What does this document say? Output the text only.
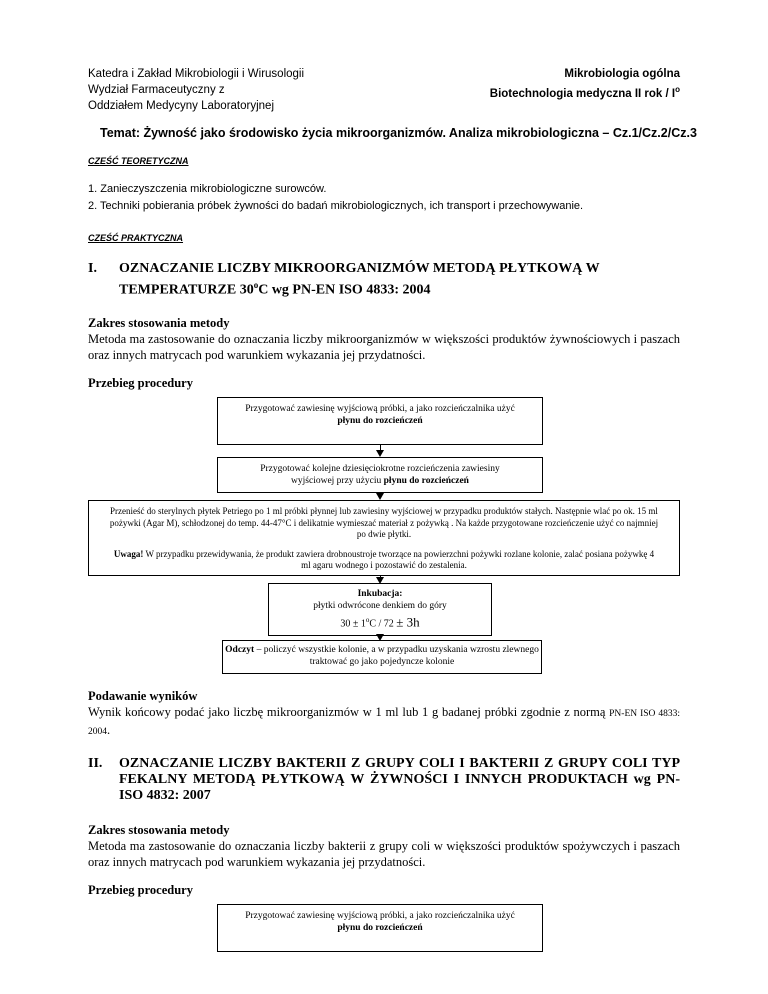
Katedra i Zakład Mikrobiologii i Wirusologii
Wydział Farmaceutyczny z
Oddziałem Medycyny Laboratoryjnej
Mikrobiologia ogólna
Biotechnologia medyczna II rok / $I^o$
Temat: Żywność jako środowisko życia mikroorganizmów. Analiza mikrobiologiczna – Cz.1/Cz.2/Cz.3
CZEŚĆ TEORETYCZNA
1. Zanieczyszczenia mikrobiologiczne surowców.
2. Techniki pobierania próbek żywności do badań mikrobiologicznych, ich transport i przechowywanie.
CZEŚĆ PRAKTYCZNA
I. OZNACZANIE LICZBY MIKROORGANIZMÓW METODĄ PŁYTKOWĄ W
TEMPERATURZE 30$^o$C wg PN-EN ISO 4833: 2004
Zakres stosowania metody
Metoda ma zastosowanie do oznaczania liczby mikroorganizmów w większości produktów żywnościowych i paszach oraz innych matrycach pod warunkiem wykazania jej przydatności.
Przebieg procedury
Przygotować zawiesinę wyjściową próbki, a jako rozcieńczalnika użyć
płynu do rozcieńczeń
Przygotować kolejne dziesięciokrotne rozcieńczenia zawiesiny
wyjściowej przy użyciu płynu do rozcieńczeń
Przenieść do sterylnych płytek Petriego po 1 ml próbki płynnej lub zawiesiny wyjściowej w przypadku produktów stałych. Następnie wlać po ok. 15 ml pożywki (Agar M), schłodzonej do temp. 44-47°C i delikatnie wymieszać materiał z pożywką . Na każde przygotowane rozcieńczenie użyć co najmniej po dwie płytki.
Uwaga! W przypadku przewidywania, że produkt zawiera drobnoustroje tworzące na powierzchni pożywki rozlane kolonie, zalać posiana pożywkę 4 ml agaru wodnego i pozostawić do zestalenia.
Inkubacja:
płytki odwrócone denkiem do góry
$30 \pm 1^oC / 72 \pm 3h$
Odczyt – policzyć wszystkie kolonie, a w przypadku uzyskania wzrostu zlewnego traktować go jako pojedyncze kolonie
Podawanie wyników
Wynik końcowy podać jako liczbę mikroorganizmów w 1 ml lub 1 g badanej próbki zgodnie z normą PN-EN ISO 4833: 2004.
II. OZNACZANIE LICZBY BAKTERII Z GRUPY COLI I BAKTERII Z GRUPY COLI TYP FEKALNY METODĄ PŁYTKOWĄ W ŻYWNOŚCI I INNYCH PRODUKTACH wg PN-ISO 4832: 2007
Zakres stosowania metody
Metoda ma zastosowanie do oznaczania liczby bakterii z grupy coli w większości produktów spożywczych i paszach oraz innych matrycach pod warunkiem wykazania jej przydatności.
Przebieg procedury
Przygotować zawiesinę wyjściową próbki, a jako rozcieńczalnika użyć
płynu do rozcieńczeń
